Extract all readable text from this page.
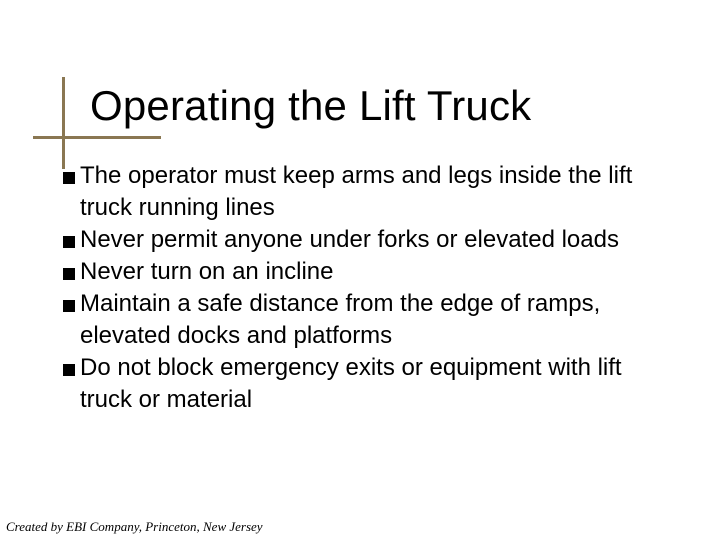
Operating the Lift Truck
The operator must keep arms and legs inside the lift truck running lines
Never permit anyone under forks or elevated loads
Never turn on an incline
Maintain a safe distance from the edge of ramps, elevated docks and platforms
Do not block emergency exits or equipment with lift truck or material

Created by EBI Company, Princeton, New Jersey
